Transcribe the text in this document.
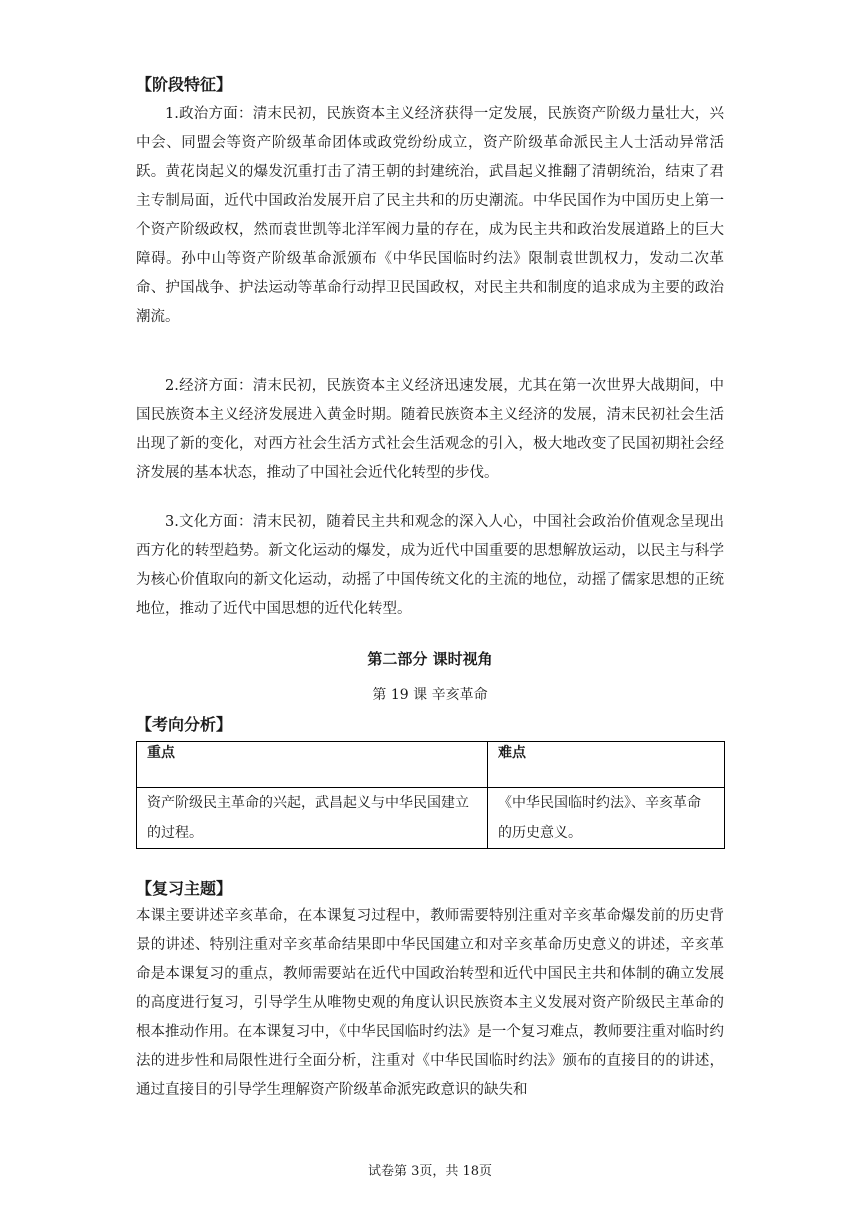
【阶段特征】
1.政治方面：清末民初，民族资本主义经济获得一定发展，民族资产阶级力量壮大，兴中会、同盟会等资产阶级革命团体或政党纷纷成立，资产阶级革命派民主人士活动异常活跃。黄花岗起义的爆发沉重打击了清王朝的封建统治，武昌起义推翻了清朝统治，结束了君主专制局面，近代中国政治发展开启了民主共和的历史潮流。中华民国作为中国历史上第一个资产阶级政权，然而袁世凯等北洋军阀力量的存在，成为民主共和政治发展道路上的巨大障碍。孙中山等资产阶级革命派颁布《中华民国临时约法》限制袁世凯权力，发动二次革命、护国战争、护法运动等革命行动捍卫民国政权，对民主共和制度的追求成为主要的政治潮流。
2.经济方面：清末民初，民族资本主义经济迅速发展，尤其在第一次世界大战期间，中国民族资本主义经济发展进入黄金时期。随着民族资本主义经济的发展，清末民初社会生活出现了新的变化，对西方社会生活方式社会生活观念的引入，极大地改变了民国初期社会经济发展的基本状态，推动了中国社会近代化转型的步伐。
3.文化方面：清末民初，随着民主共和观念的深入人心，中国社会政治价值观念呈现出西方化的转型趋势。新文化运动的爆发，成为近代中国重要的思想解放运动，以民主与科学为核心价值取向的新文化运动，动摇了中国传统文化的主流的地位，动摇了儒家思想的正统地位，推动了近代中国思想的近代化转型。
第二部分 课时视角
第 19 课 辛亥革命
【考向分析】
重点	难点
资产阶级民主革命的兴起，武昌起义与中华民国建立的过程。	《中华民国临时约法》、辛亥革命的历史意义。
【复习主题】
本课主要讲述辛亥革命，在本课复习过程中，教师需要特别注重对辛亥革命爆发前的历史背景的讲述、特别注重对辛亥革命结果即中华民国建立和对辛亥革命历史意义的讲述，辛亥革命是本课复习的重点，教师需要站在近代中国政治转型和近代中国民主共和体制的确立发展的高度进行复习，引导学生从唯物史观的角度认识民族资本主义发展对资产阶级民主革命的根本推动作用。在本课复习中，《中华民国临时约法》是一个复习难点，教师要注重对临时约法的进步性和局限性进行全面分析，注重对《中华民国临时约法》颁布的直接目的的讲述，通过直接目的引导学生理解资产阶级革命派宪政意识的缺失和
试卷第 3页，共 18页
